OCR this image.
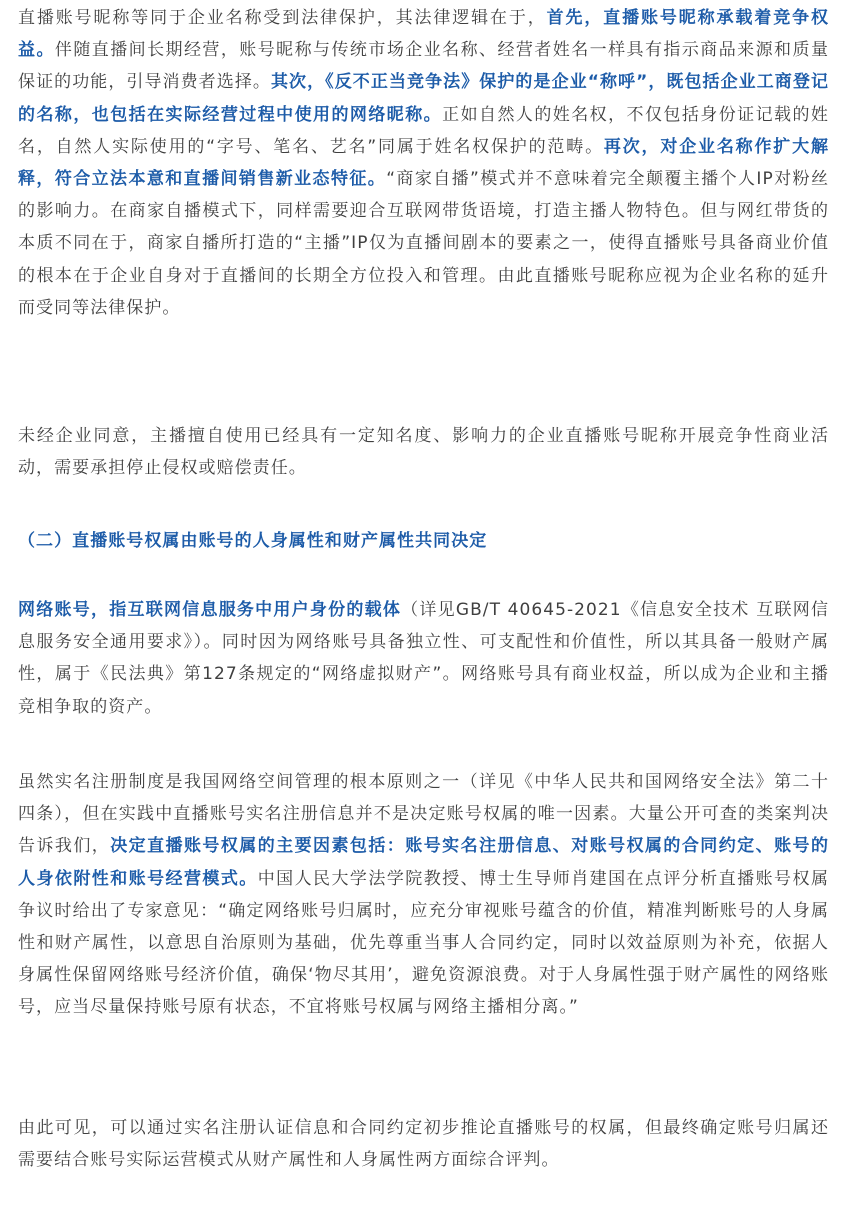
直播账号昵称等同于企业名称受到法律保护，其法律逻辑在于，首先，直播账号昵称承载着竞争权益。伴随直播间长期经营，账号昵称与传统市场企业名称、经营者姓名一样具有指示商品来源和质量保证的功能，引导消费者选择。其次，《反不正当竞争法》保护的是企业“称呼”，既包括企业工商登记的名称，也包括在实际经营过程中使用的网络昵称。正如自然人的姓名权，不仅包括身份证记载的姓名，自然人实际使用的“字号、笔名、艺名”同属于姓名权保护的范畴。再次，对企业名称作扩大解释，符合立法本意和直播间销售新业态特征。“商家自播”模式并不意味着完全颠覆主播个人IP对粉丝的影响力。在商家自播模式下，同样需要迎合互联网带货语境，打造主播人物特色。但与网红带货的本质不同在于，商家自播所打造的“主播”IP仅为直播间剧本的要素之一，使得直播账号具备商业价值的根本在于企业自身对于直播间的长期全方位投入和管理。由此直播账号昵称应视为企业名称的延升而受同等法律保护。

未经企业同意，主播擅自使用已经具有一定知名度、影响力的企业直播账号昵称开展竞争性商业活动，需要承担停止侵权或赔偿责任。

（二）直播账号权属由账号的人身属性和财产属性共同决定

网络账号，指互联网信息服务中用户身份的载体（详见GB/T 40645-2021《信息安全技术 互联网信息服务安全通用要求》）。同时因为网络账号具备独立性、可支配性和价值性，所以其具备一般财产属性，属于《民法典》第127条规定的“网络虚拟财产”。网络账号具有商业权益，所以成为企业和主播竞相争取的资产。

虽然实名注册制度是我国网络空间管理的根本原则之一（详见《中华人民共和国网络安全法》第二十四条），但在实践中直播账号实名注册信息并不是决定账号权属的唯一因素。大量公开可查的类案判决告诉我们，决定直播账号权属的主要因素包括：账号实名注册信息、对账号权属的合同约定、账号的人身依附性和账号经营模式。中国人民大学法学院教授、博士生导师肖建国在点评分析直播账号权属争议时给出了专家意见：“确定网络账号归属时，应充分审视账号蕴含的价值，精准判断账号的人身属性和财产属性，以意思自治原则为基础，优先尊重当事人合同约定，同时以效益原则为补充，依据人身属性保留网络账号经济价值，确保‘物尽其用’，避免资源浪费。对于人身属性强于财产属性的网络账号，应当尽量保持账号原有状态，不宜将账号权属与网络主播相分离。”

由此可见，可以通过实名注册认证信息和合同约定初步推论直播账号的权属，但最终确定账号归属还需要结合账号实际运营模式从财产属性和人身属性两方面综合评判。
